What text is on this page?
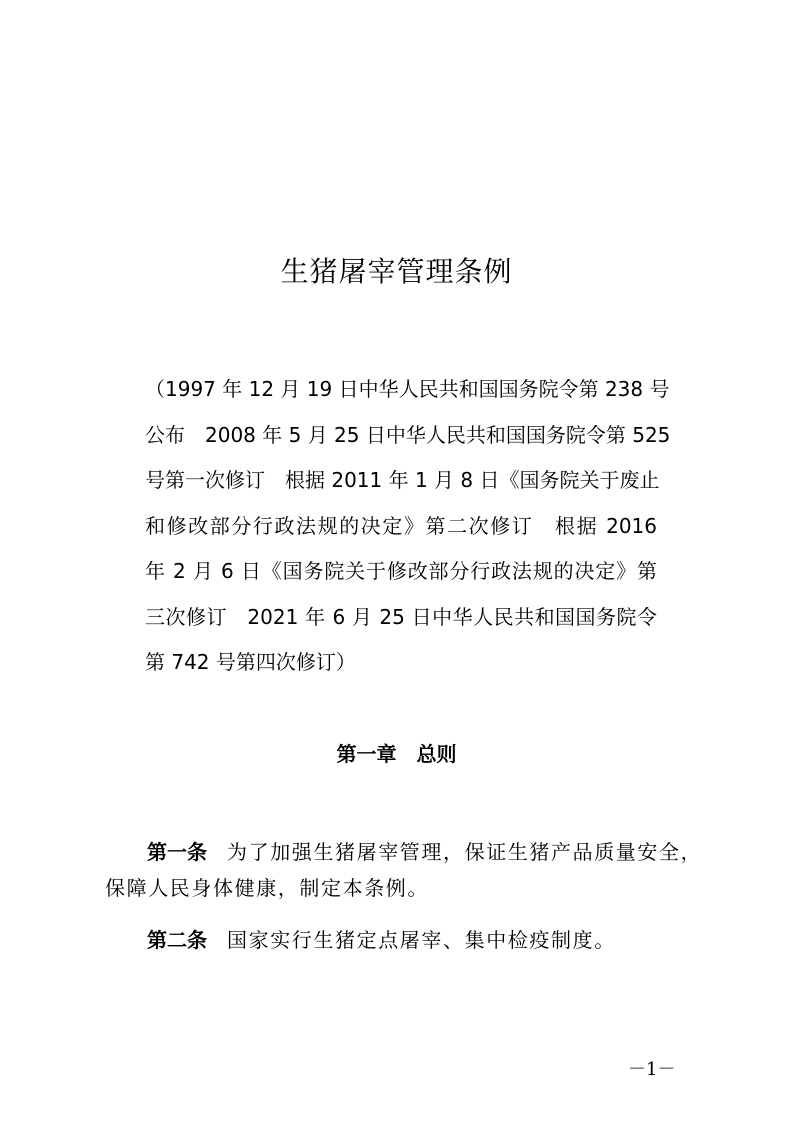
生猪屠宰管理条例
（1997 年 12 月 19 日中华人民共和国国务院令第 238 号
公布　2008 年 5 月 25 日中华人民共和国国务院令第 525
号第一次修订　根据 2011 年 1 月 8 日《国务院关于废止
和修改部分行政法规的决定》第二次修订　根据 2016
年 2 月 6 日《国务院关于修改部分行政法规的决定》第
三次修订　2021 年 6 月 25 日中华人民共和国国务院令
第 742 号第四次修订）
第一章　总则
第一条 为了加强生猪屠宰管理，保证生猪产品质量安全，
保障人民身体健康，制定本条例。
第二条 国家实行生猪定点屠宰、集中检疫制度。
－1－
